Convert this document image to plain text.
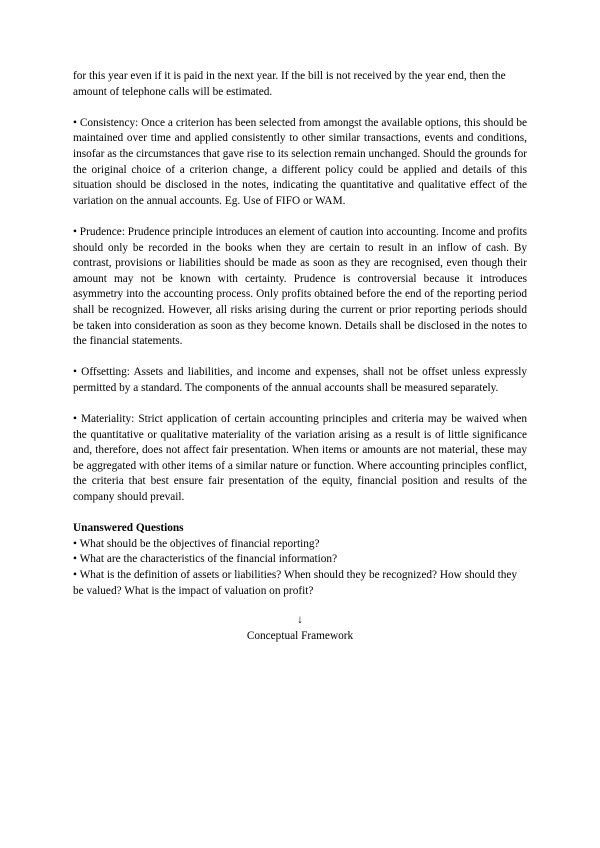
for this year even if it is paid in the next year. If the bill is not received by the year end, then the amount of telephone calls will be estimated.

• Consistency: Once a criterion has been selected from amongst the available options, this should be maintained over time and applied consistently to other similar transactions, events and conditions, insofar as the circumstances that gave rise to its selection remain unchanged. Should the grounds for the original choice of a criterion change, a different policy could be applied and details of this situation should be disclosed in the notes, indicating the quantitative and qualitative effect of the variation on the annual accounts. Eg. Use of FIFO or WAM.

• Prudence: Prudence principle introduces an element of caution into accounting. Income and profits should only be recorded in the books when they are certain to result in an inflow of cash. By contrast, provisions or liabilities should be made as soon as they are recognised, even though their amount may not be known with certainty. Prudence is controversial because it introduces asymmetry into the accounting process. Only profits obtained before the end of the reporting period shall be recognized. However, all risks arising during the current or prior reporting periods should be taken into consideration as soon as they become known. Details shall be disclosed in the notes to the financial statements.

• Offsetting: Assets and liabilities, and income and expenses, shall not be offset unless expressly permitted by a standard. The components of the annual accounts shall be measured separately.

• Materiality: Strict application of certain accounting principles and criteria may be waived when the quantitative or qualitative materiality of the variation arising as a result is of little significance and, therefore, does not affect fair presentation. When items or amounts are not material, these may be aggregated with other items of a similar nature or function. Where accounting principles conflict, the criteria that best ensure fair presentation of the equity, financial position and results of the company should prevail.

Unanswered Questions

• What should be the objectives of financial reporting?
• What are the characteristics of the financial information?
• What is the definition of assets or liabilities? When should they be recognized? How should they be valued? What is the impact of valuation on profit?

↓

Conceptual Framework
